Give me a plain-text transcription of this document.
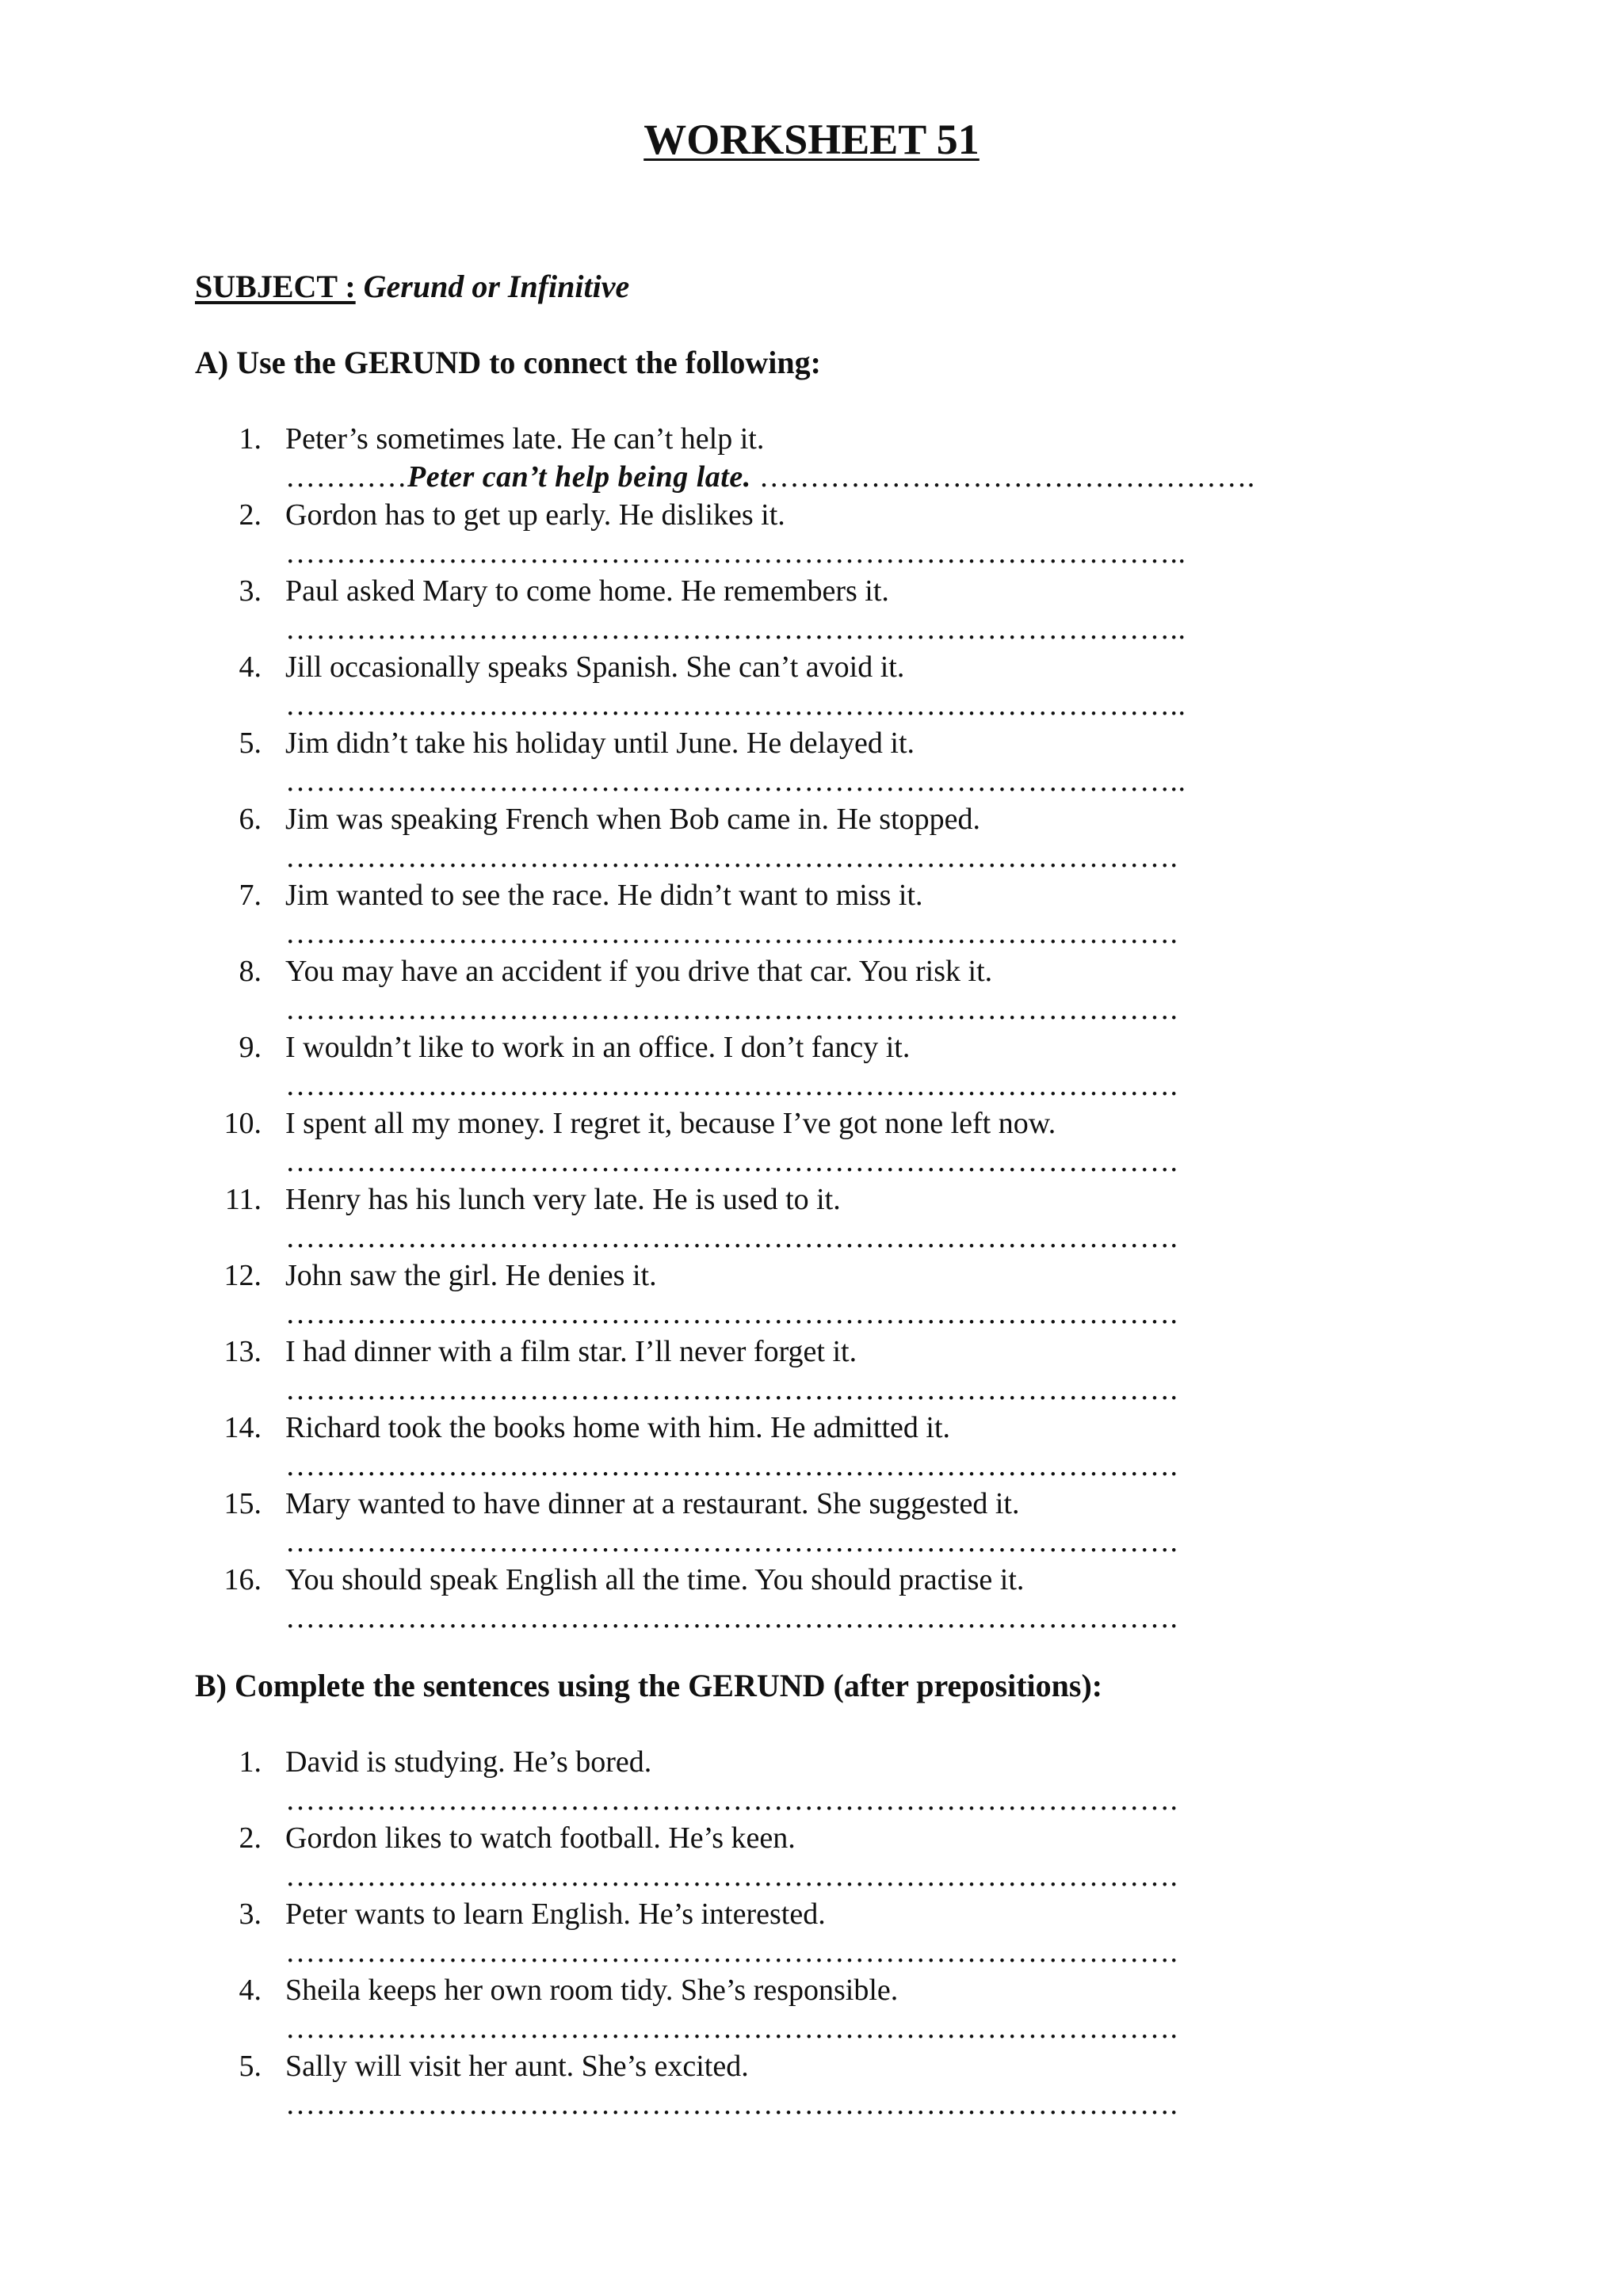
WORKSHEET 51
SUBJECT : Gerund or Infinitive
A) Use the GERUND to connect the following:
1. Peter’s sometimes late. He can’t help it.
…………Peter can’t help being late. ………………………………………….
2. Gordon has to get up early. He dislikes it.
……………………………………………………………………………..
3. Paul asked Mary to come home. He remembers it.
……………………………………………………………………………..
4. Jill occasionally speaks Spanish. She can’t avoid it.
……………………………………………………………………………..
5. Jim didn’t take his holiday until June. He delayed it.
……………………………………………………………………………..
6. Jim was speaking French when Bob came in. He stopped.
…………………………………………………………………………….
7. Jim wanted to see the race. He didn’t want to miss it.
…………………………………………………………………………….
8. You may have an accident if you drive that car. You risk it.
…………………………………………………………………………….
9. I wouldn’t like to work in an office. I don’t fancy it.
…………………………………………………………………………….
10. I spent all my money. I regret it, because I’ve got none left now.
…………………………………………………………………………….
11. Henry has his lunch very late. He is used to it.
…………………………………………………………………………….
12. John saw the girl. He denies it.
…………………………………………………………………………….
13. I had dinner with a film star. I’ll never forget it.
…………………………………………………………………………….
14. Richard took the books home with him. He admitted it.
…………………………………………………………………………….
15. Mary wanted to have dinner at a restaurant. She suggested it.
…………………………………………………………………………….
16. You should speak English all the time. You should practise it.
…………………………………………………………………………….
B) Complete the sentences using the GERUND (after prepositions):
1. David is studying. He’s bored.
…………………………………………………………………………….
2. Gordon likes to watch football. He’s keen.
…………………………………………………………………………….
3. Peter wants to learn English. He’s interested.
…………………………………………………………………………….
4. Sheila keeps her own room tidy. She’s responsible.
…………………………………………………………………………….
5. Sally will visit her aunt. She’s excited.
…………………………………………………………………………….
